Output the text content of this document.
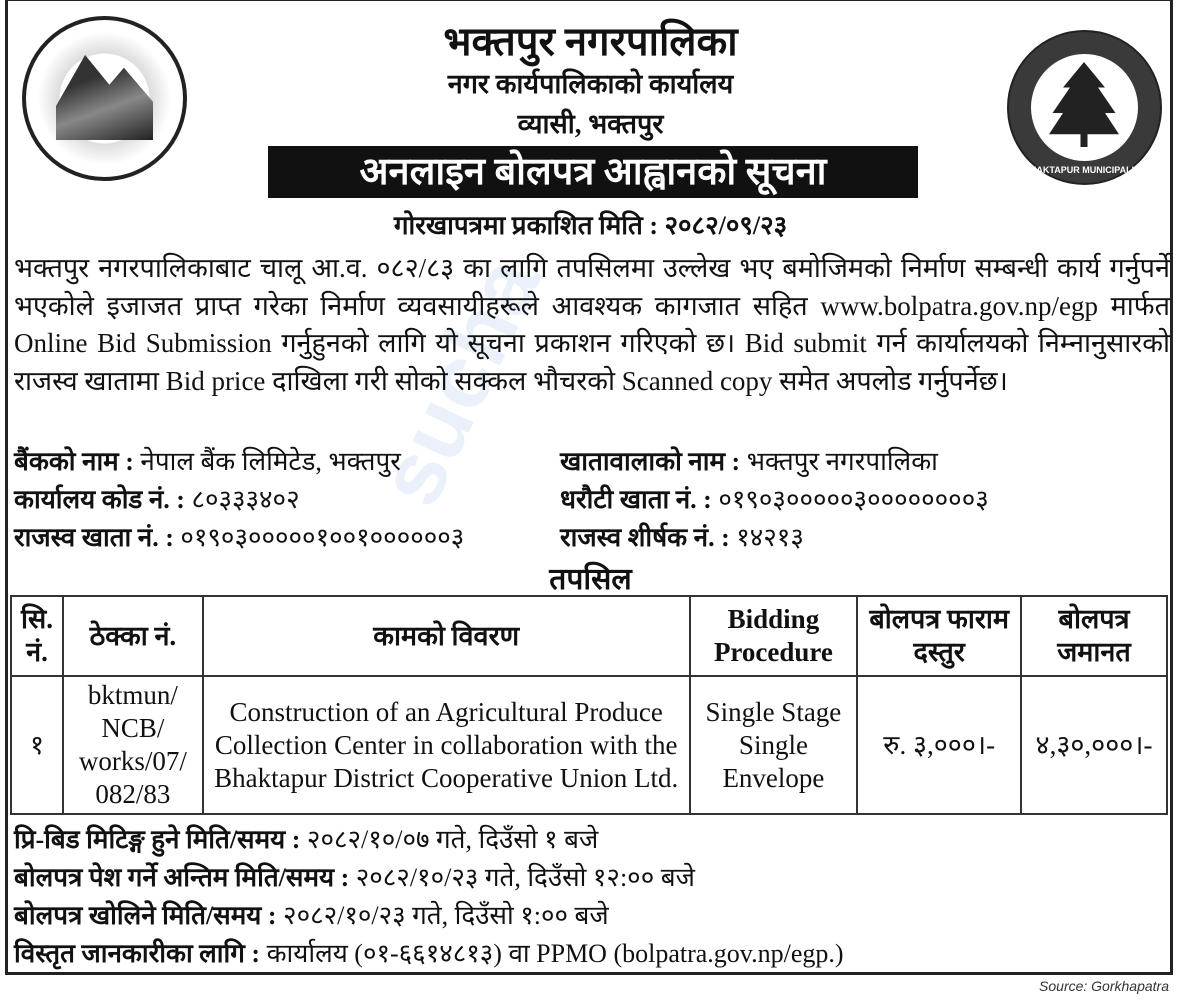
sucha
BHAKTAPUR MUNICIPALITY
भक्तपुर नगरपालिका
नगर कार्यपालिकाको कार्यालय
व्यासी, भक्तपुर
अनलाइन बोलपत्र आह्वानको सूचना
गोरखापत्रमा प्रकाशित मिति : २०८२/०९/२३
भक्तपुर नगरपालिकाबाट चालू आ.व. ०८२/८३ का लागि तपसिलमा उल्लेख भए बमोजिमको निर्माण सम्बन्धी कार्य गर्नुपर्ने भएकोले इजाजत प्राप्त गरेका निर्माण व्यवसायीहरूले आवश्यक कागजात सहित www.bolpatra.gov.np/egp मार्फत Online Bid Submission गर्नुहुनको लागि यो सूचना प्रकाशन गरिएको छ। Bid submit गर्न कार्यालयको निम्नानुसारको राजस्व खातामा Bid price दाखिला गरी सोको सक्कल भौचरको Scanned copy समेत अपलोड गर्नुपर्नेछ।
बैंकको नाम : नेपाल बैंक लिमिटेड, भक्तपुर	खातावालाको नाम : भक्तपुर नगरपालिका
कार्यालय कोड नं. : ८०३३३४०२	धरौटी खाता नं. : ०१९०३०००००३००००००००३
राजस्व खाता नं. : ०१९०३०००००१००१००००००३	राजस्व शीर्षक नं. : १४२१३
तपसिल
सि. नं.	ठेक्का नं.	कामको विवरण	Bidding Procedure	बोलपत्र फाराम दस्तुर	बोलपत्र जमानत
१	bktmun/ NCB/ works/07/ 082/83	Construction of an Agricultural Produce Collection Center in collaboration with the Bhaktapur District Cooperative Union Ltd.	Single Stage Single Envelope	रु. ३,०००।-	४,३०,०००।-
प्रि-बिड मिटिङ्ग हुने मिति/समय : २०८२/१०/०७ गते, दिउँसो १ बजे
बोलपत्र पेश गर्ने अन्तिम मिति/समय : २०८२/१०/२३ गते, दिउँसो १२:०० बजे
बोलपत्र खोलिने मिति/समय : २०८२/१०/२३ गते, दिउँसो १:०० बजे
विस्तृत जानकारीका लागि : कार्यालय (०१-६६१४८१३) वा PPMO (bolpatra.gov.np/egp.)
Source: Gorkhapatra
